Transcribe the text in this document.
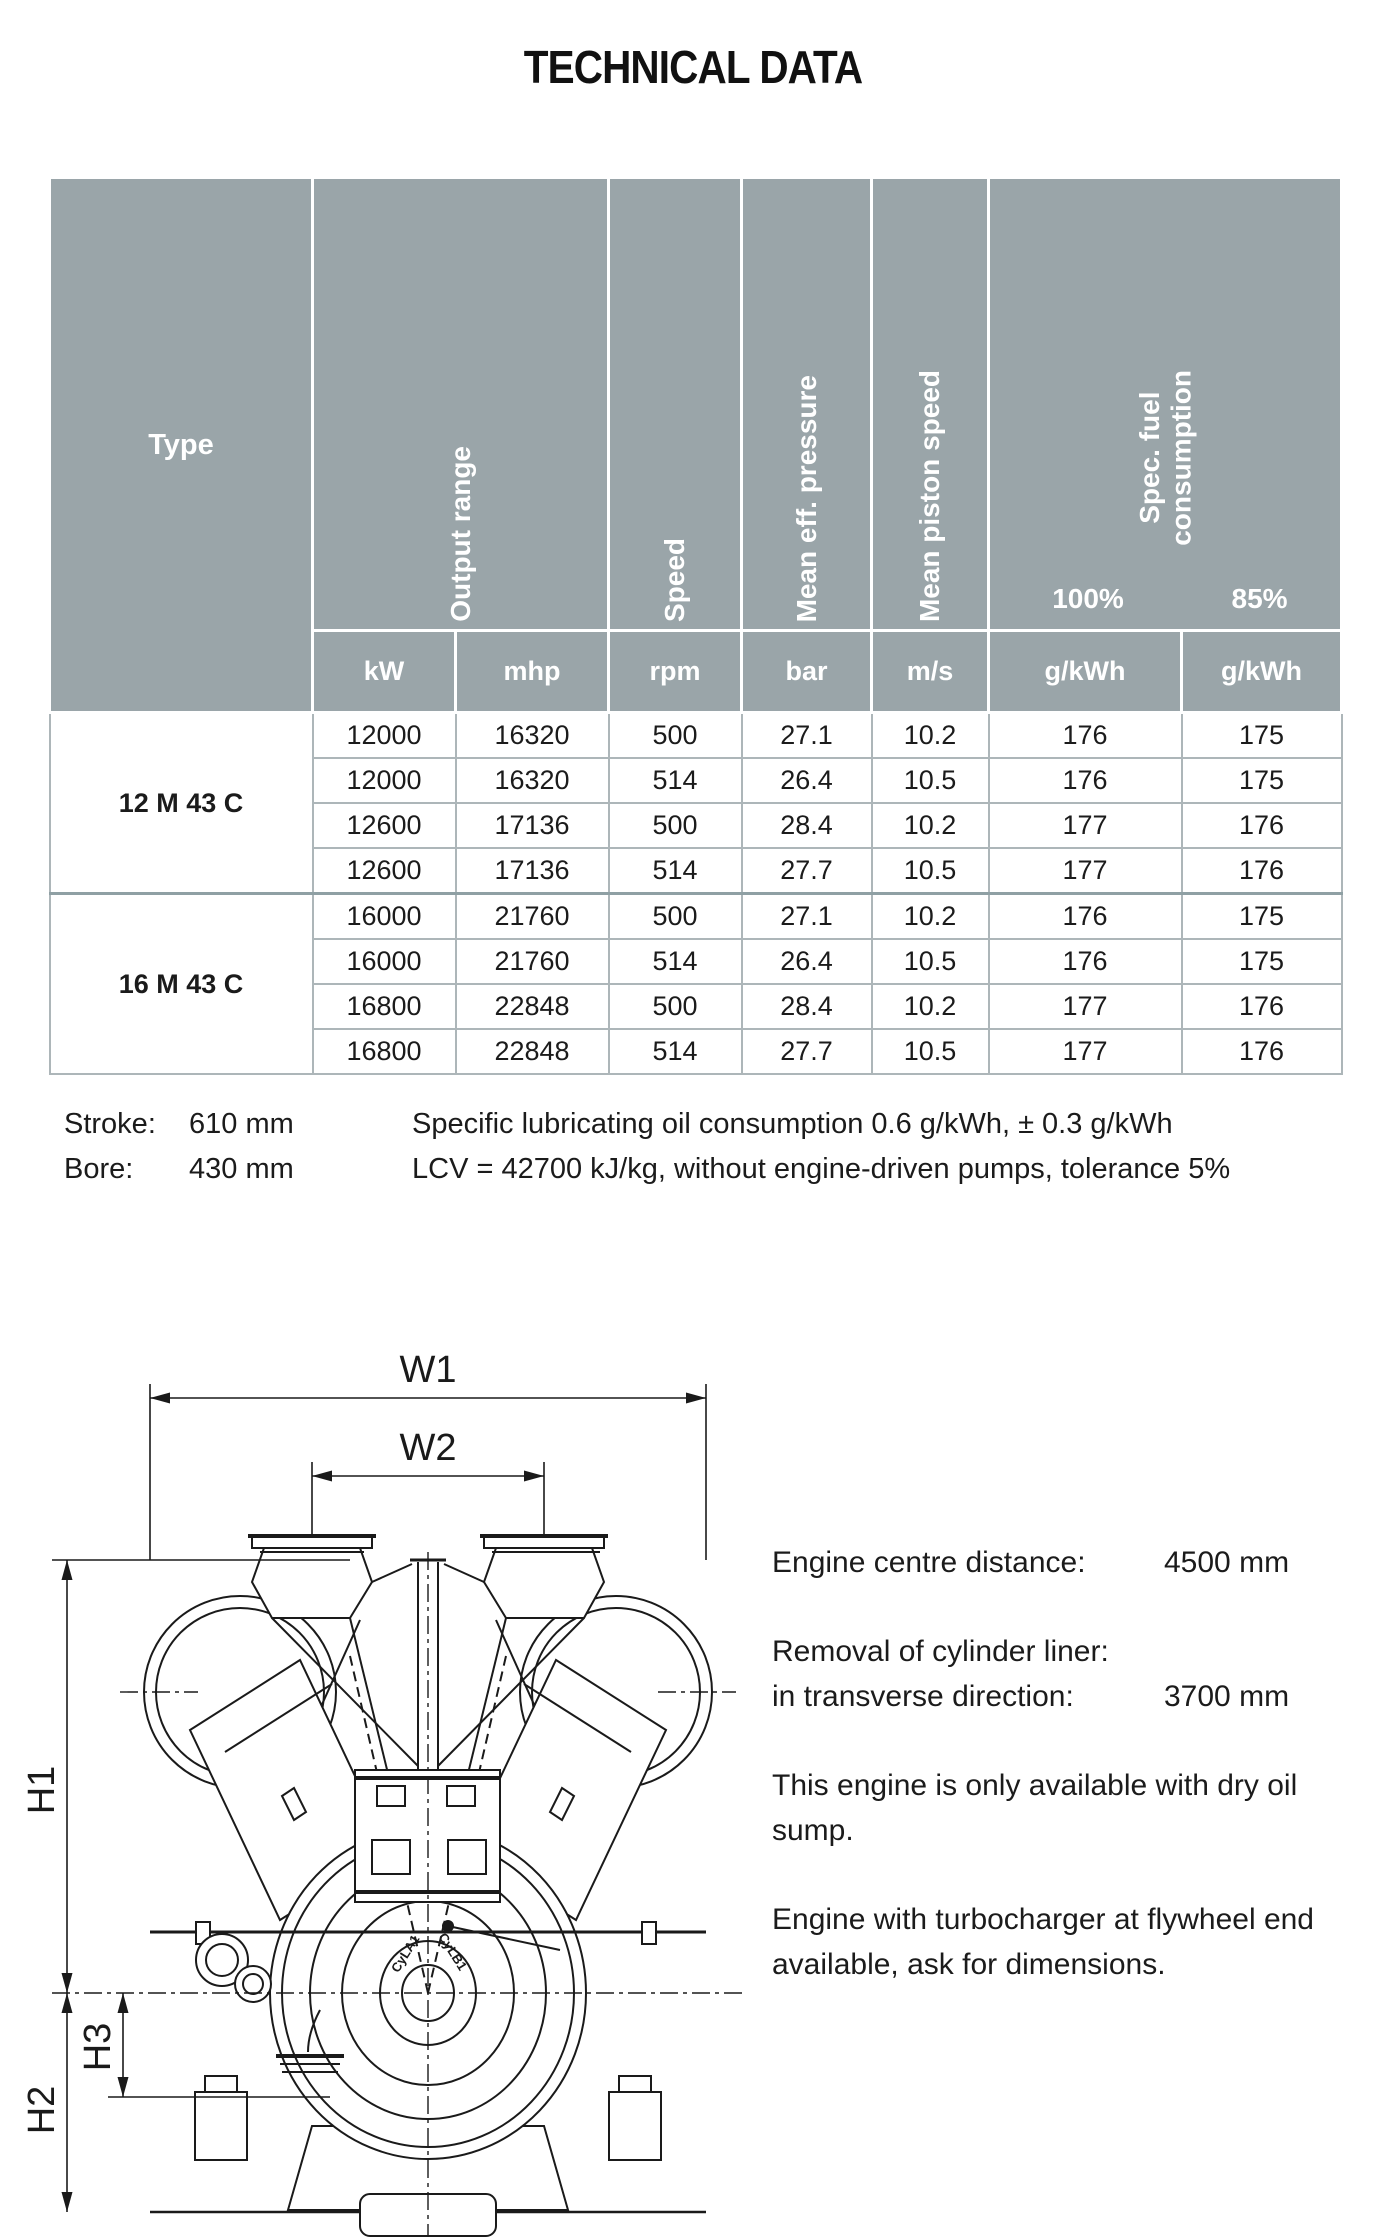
TECHNICAL DATA
Type	Output range		Speed	Mean eff. pressure	Mean piston speed	Spec. fuel consumption
100% 85%	

	kW	mhp	rpm	bar	m/s	g/kWh	g/kWh
12 M 43 C	12000	16320	500	27.1	10.2	176	175
	12000	16320	514	26.4	10.5	176	175
	12600	17136	500	28.4	10.2	177	176
	12600	17136	514	27.7	10.5	177	176
16 M 43 C	16000	21760	500	27.1	10.2	176	175
	16000	21760	514	26.4	10.5	176	175
	16800	22848	500	28.4	10.2	177	176
	16800	22848	514	27.7	10.5	177	176
Stroke:	610 mm
Bore:	430 mm
Specific lubricating oil consumption 0.6 g/kWh, ± 0.3 g/kWh
LCV = 42700 kJ/kg, without engine-driven pumps, tolerance 5%
W1
W2
H1
H2
H3
CyLA1 CyLB1
Engine centre distance:	4500 mm
Removal of cylinder liner:
in transverse direction:	3700 mm
This engine is only available with dry oil sump.
Engine with turbocharger at flywheel end available, ask for dimensions.
